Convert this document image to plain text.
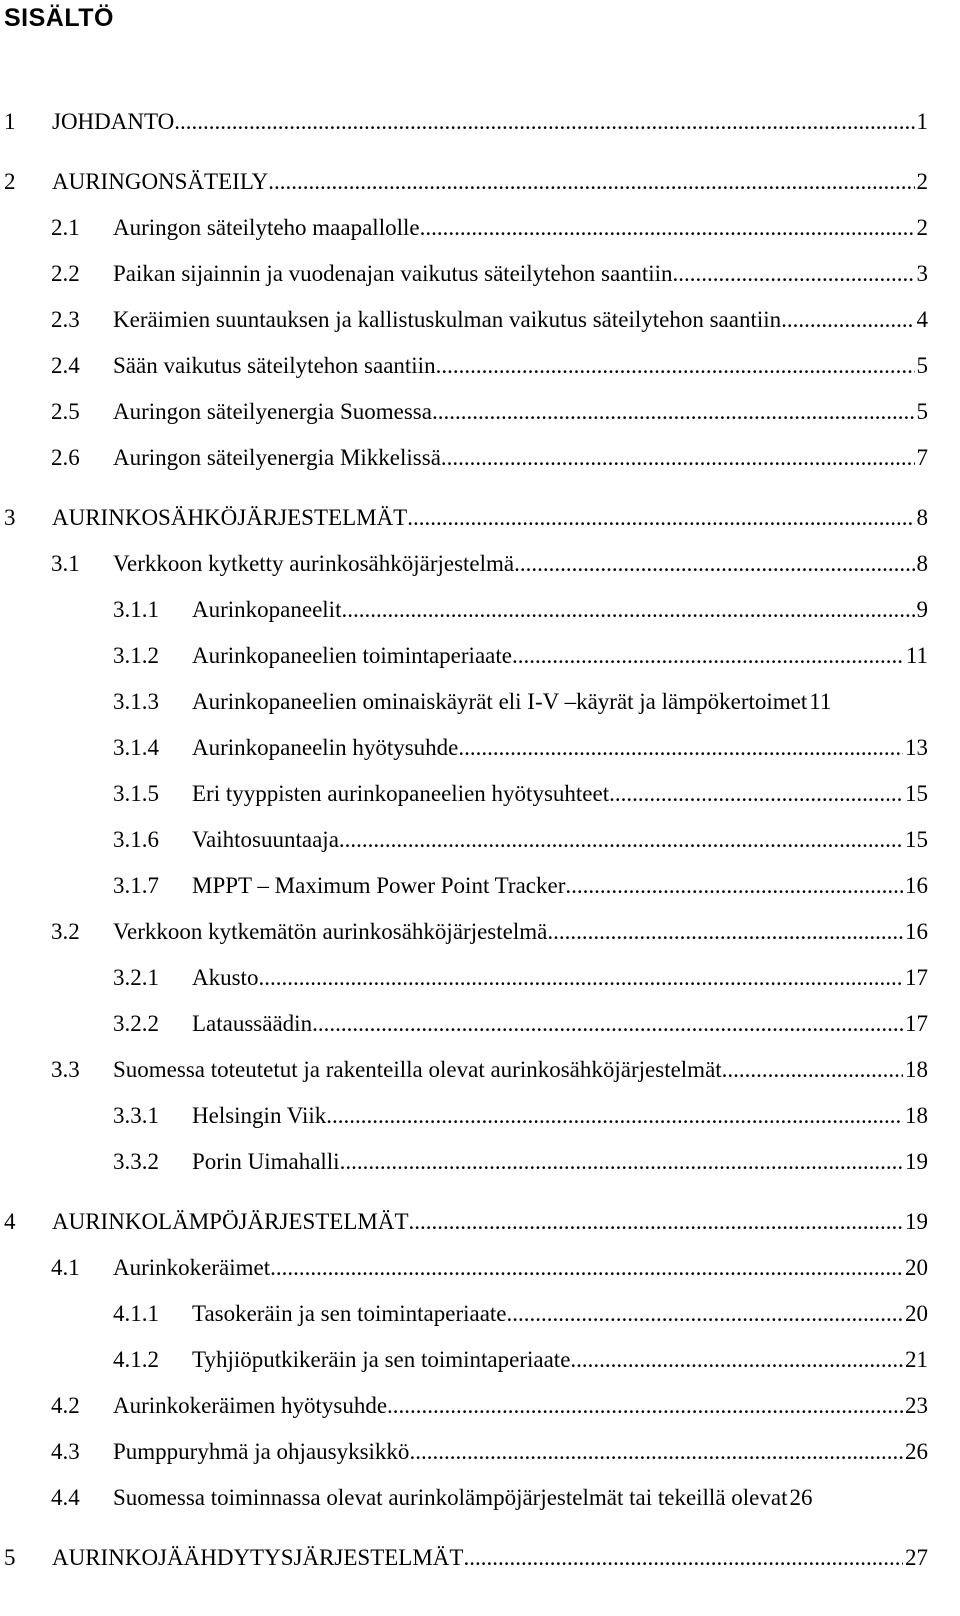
SISÄLTÖ
1	JOHDANTO .....	1
2	AURINGONSÄTEILY .....	2
2.1	Auringon säteilyteho maapallolle .....	2
2.2	Paikan sijainnin ja vuodenajan vaikutus säteilytehon saantiin .....	3
2.3	Keräimien suuntauksen ja kallistuskulman vaikutus säteilytehon saantiin .....	4
2.4	Sään vaikutus säteilytehon saantiin .....	5
2.5	Auringon säteilyenergia Suomessa .....	5
2.6	Auringon säteilyenergia Mikkelissä .....	7
3	AURINKOSÄHKÖJÄRJESTELMÄT .....	8
3.1	Verkkoon kytketty aurinkosähköjärjestelmä .....	8
3.1.1	Aurinkopaneelit .....	9
3.1.2	Aurinkopaneelien toimintaperiaate .....	11
3.1.3	Aurinkopaneelien ominaiskäyrät eli I-V –käyrät ja lämpökertoimet 11
3.1.4	Aurinkopaneelin hyötysuhde .....	13
3.1.5	Eri tyyppisten aurinkopaneelien hyötysuhteet .....	15
3.1.6	Vaihtosuuntaaja .....	15
3.1.7	MPPT – Maximum Power Point Tracker .....	16
3.2	Verkkoon kytkemätön aurinkosähköjärjestelmä .....	16
3.2.1	Akusto .....	17
3.2.2	Lataussäädin .....	17
3.3	Suomessa toteutetut ja rakenteilla olevat aurinkosähköjärjestelmät .....	18
3.3.1	Helsingin Viik .....	18
3.3.2	Porin Uimahalli .....	19
4	AURINKOLÄMPÖJÄRJESTELMÄT .....	19
4.1	Aurinkokeräimet .....	20
4.1.1	Tasokeräin ja sen toimintaperiaate .....	20
4.1.2	Tyhjiöputkikeräin ja sen toimintaperiaate .....	21
4.2	Aurinkokeräimen hyötysuhde .....	23
4.3	Pumppuryhmä ja ohjausyksikkö .....	26
4.4	Suomessa toiminnassa olevat aurinkolämpöjärjestelmät tai tekeillä olevat 26
5	AURINKOJÄÄHDYTYSJÄRJESTELMÄT .....	27
